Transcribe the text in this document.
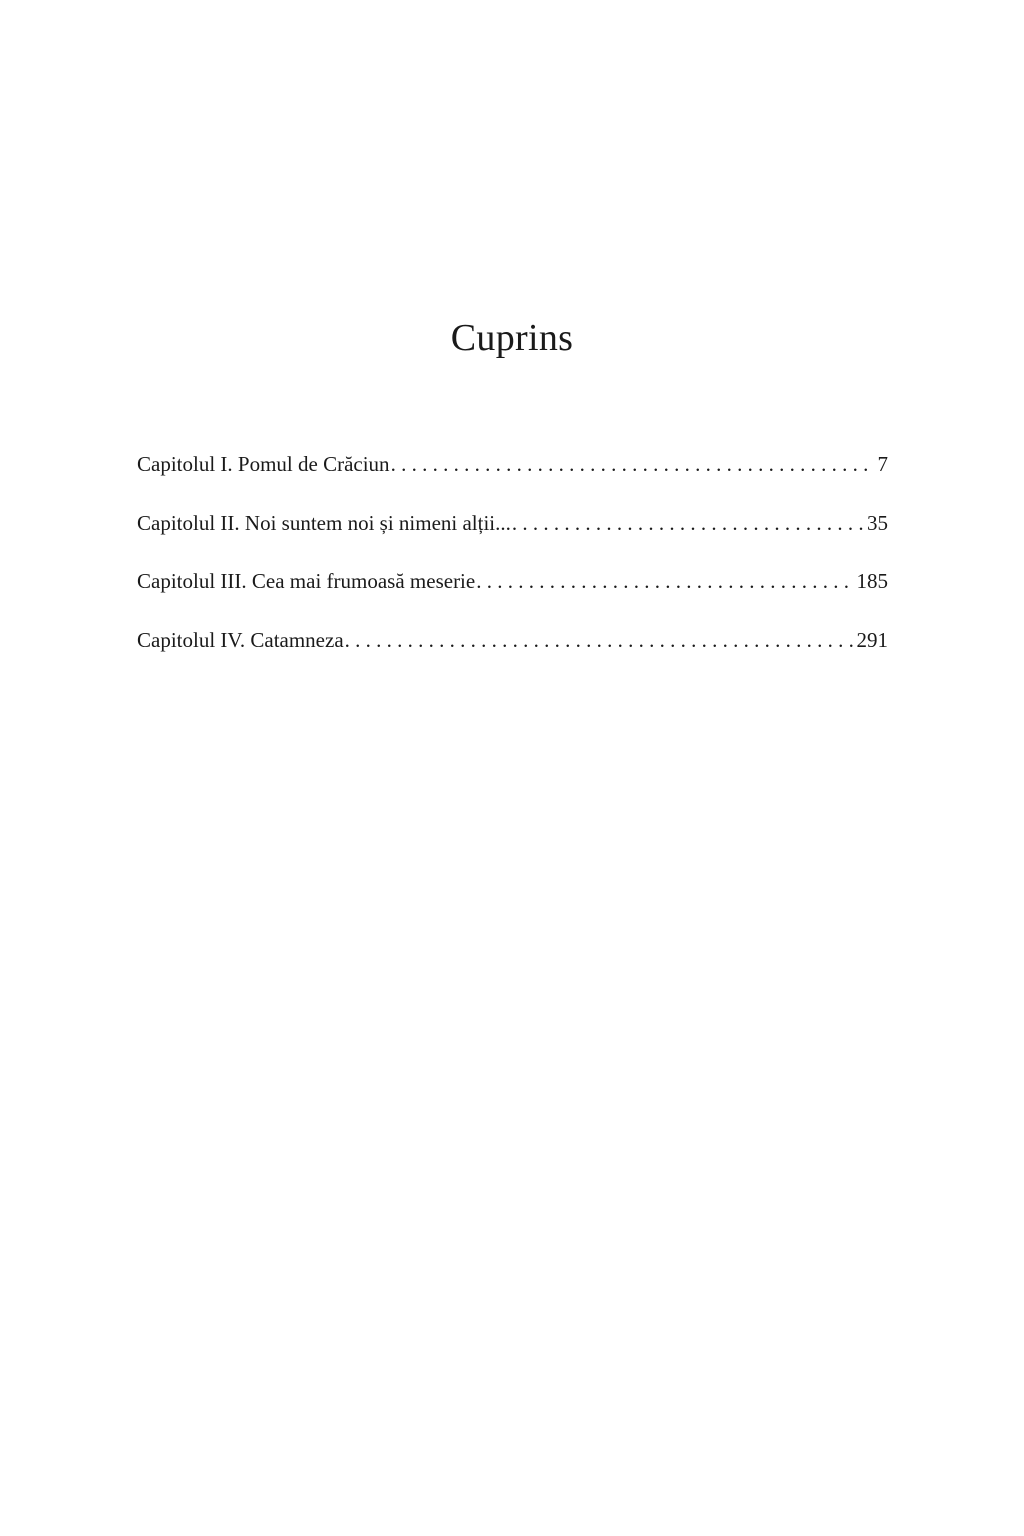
Cuprins
Capitolul I. Pomul de Crăciun . . .	7
Capitolul II. Noi suntem noi și nimeni alții... . . .	35
Capitolul III. Cea mai frumoasă meserie . . .	185
Capitolul IV. Catamneza . . .	291
